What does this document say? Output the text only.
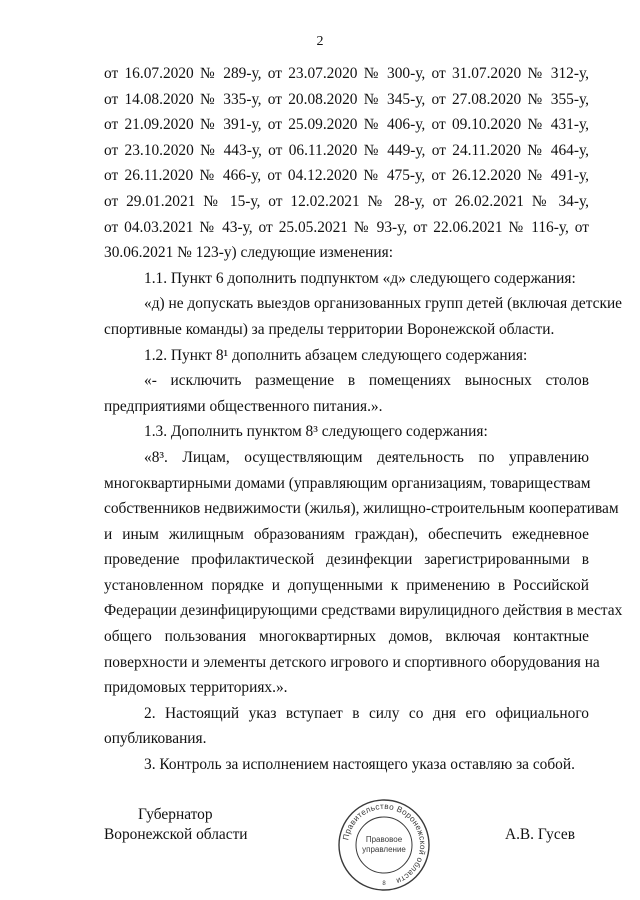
2
от 16.07.2020 № 289-у, от 23.07.2020 № 300-у, от 31.07.2020 № 312-у,
от 14.08.2020 № 335-у, от 20.08.2020 № 345-у, от 27.08.2020 № 355-у,
от 21.09.2020 № 391-у, от 25.09.2020 № 406-у, от 09.10.2020 № 431-у,
от 23.10.2020 № 443-у, от 06.11.2020 № 449-у, от 24.11.2020 № 464-у,
от 26.11.2020 № 466-у, от 04.12.2020 № 475-у, от 26.12.2020 № 491-у,
от 29.01.2021 № 15-у, от 12.02.2021 № 28-у, от 26.02.2021 № 34-у,
от 04.03.2021 № 43-у, от 25.05.2021 № 93-у, от 22.06.2021 № 116-у, от
30.06.2021 № 123-у) следующие изменения:
1.1. Пункт 6 дополнить подпунктом «д» следующего содержания:
«д) не допускать выездов организованных групп детей (включая детские
спортивные команды) за пределы территории Воронежской области.
1.2. Пункт 8¹ дополнить абзацем следующего содержания:
«- исключить размещение в помещениях выносных столов
предприятиями общественного питания.».
1.3. Дополнить пунктом 8³ следующего содержания:
«8³. Лицам, осуществляющим деятельность по управлению
многоквартирными домами (управляющим организациям, товариществам
собственников недвижимости (жилья), жилищно-строительным кооперативам
и иным жилищным образованиям граждан), обеспечить ежедневное
проведение профилактической дезинфекции зарегистрированными в
установленном порядке и допущенными к применению в Российской
Федерации дезинфицирующими средствами вирулицидного действия в местах
общего пользования многоквартирных домов, включая контактные
поверхности и элементы детского игрового и спортивного оборудования на
придомовых территориях.».
2. Настоящий указ вступает в силу со дня его официального
опубликования.
3. Контроль за исполнением настоящего указа оставляю за собой.
Губернатор
Воронежской области	Правительство Воронежской области
Правовое
управление
8
А.В. Гусев
